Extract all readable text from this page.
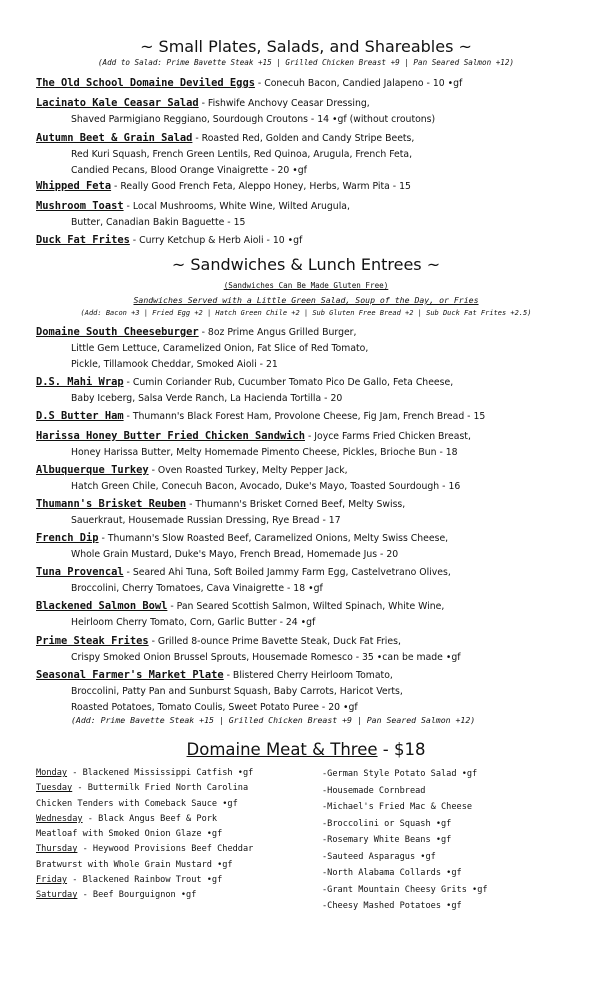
~ Small Plates, Salads, and Shareables ~
(Add to Salad: Prime Bavette Steak +15 | Grilled Chicken Breast +9 | Pan Seared Salmon +12)
The Old School Domaine Deviled Eggs - Conecuh Bacon, Candied Jalapeno - 10 •gf
Lacinato Kale Ceasar Salad - Fishwife Anchovy Ceasar Dressing,
Shaved Parmigiano Reggiano, Sourdough Croutons - 14 •gf (without croutons)
Autumn Beet & Grain Salad - Roasted Red, Golden and Candy Stripe Beets,
Red Kuri Squash, French Green Lentils, Red Quinoa, Arugula, French Feta,
Candied Pecans, Blood Orange Vinaigrette - 20 •gf
Whipped Feta - Really Good French Feta, Aleppo Honey, Herbs, Warm Pita - 15
Mushroom Toast - Local Mushrooms, White Wine, Wilted Arugula,
Butter, Canadian Bakin Baguette - 15
Duck Fat Frites - Curry Ketchup & Herb Aioli - 10 •gf
~ Sandwiches & Lunch Entrees ~
(Sandwiches Can Be Made Gluten Free)
Sandwiches Served with a Little Green Salad, Soup of the Day, or Fries
(Add: Bacon +3 | Fried Egg +2 | Hatch Green Chile +2 | Sub Gluten Free Bread +2 | Sub Duck Fat Frites +2.5)
Domaine South Cheeseburger - 8oz Prime Angus Grilled Burger,
Little Gem Lettuce, Caramelized Onion, Fat Slice of Red Tomato,
Pickle, Tillamook Cheddar, Smoked Aioli - 21
D.S. Mahi Wrap - Cumin Coriander Rub, Cucumber Tomato Pico De Gallo, Feta Cheese,
Baby Iceberg, Salsa Verde Ranch, La Hacienda Tortilla - 20
D.S Butter Ham - Thumann's Black Forest Ham, Provolone Cheese, Fig Jam, French Bread - 15
Harissa Honey Butter Fried Chicken Sandwich - Joyce Farms Fried Chicken Breast,
Honey Harissa Butter, Melty Homemade Pimento Cheese, Pickles, Brioche Bun - 18
Albuquerque Turkey - Oven Roasted Turkey, Melty Pepper Jack,
Hatch Green Chile, Conecuh Bacon, Avocado, Duke's Mayo, Toasted Sourdough - 16
Thumann's Brisket Reuben - Thumann's Brisket Corned Beef, Melty Swiss,
Sauerkraut, Housemade Russian Dressing, Rye Bread - 17
French Dip - Thumann's Slow Roasted Beef, Caramelized Onions, Melty Swiss Cheese,
Whole Grain Mustard, Duke's Mayo, French Bread, Homemade Jus - 20
Tuna Provencal - Seared Ahi Tuna, Soft Boiled Jammy Farm Egg, Castelvetrano Olives,
Broccolini, Cherry Tomatoes, Cava Vinaigrette - 18 •gf
Blackened Salmon Bowl - Pan Seared Scottish Salmon, Wilted Spinach, White Wine,
Heirloom Cherry Tomato, Corn, Garlic Butter - 24 •gf
Prime Steak Frites - Grilled 8-ounce Prime Bavette Steak, Duck Fat Fries,
Crispy Smoked Onion Brussel Sprouts, Housemade Romesco - 35 •can be made •gf
Seasonal Farmer's Market Plate - Blistered Cherry Heirloom Tomato,
Broccolini, Patty Pan and Sunburst Squash, Baby Carrots, Haricot Verts,
Roasted Potatoes, Tomato Coulis, Sweet Potato Puree - 20 •gf
(Add: Prime Bavette Steak +15 | Grilled Chicken Breast +9 | Pan Seared Salmon +12)
Domaine Meat & Three - $18
Monday - Blackened Mississippi Catfish •gf
Tuesday - Buttermilk Fried North Carolina
Chicken Tenders with Comeback Sauce •gf
Wednesday - Black Angus Beef & Pork
Meatloaf with Smoked Onion Glaze •gf
Thursday - Heywood Provisions Beef Cheddar
Bratwurst with Whole Grain Mustard •gf
Friday - Blackened Rainbow Trout •gf
Saturday - Beef Bourguignon •gf
-German Style Potato Salad •gf
-Housemade Cornbread
-Michael's Fried Mac & Cheese
-Broccolini or Squash •gf
-Rosemary White Beans •gf
-Sauteed Asparagus •gf
-North Alabama Collards •gf
-Grant Mountain Cheesy Grits •gf
-Cheesy Mashed Potatoes •gf
